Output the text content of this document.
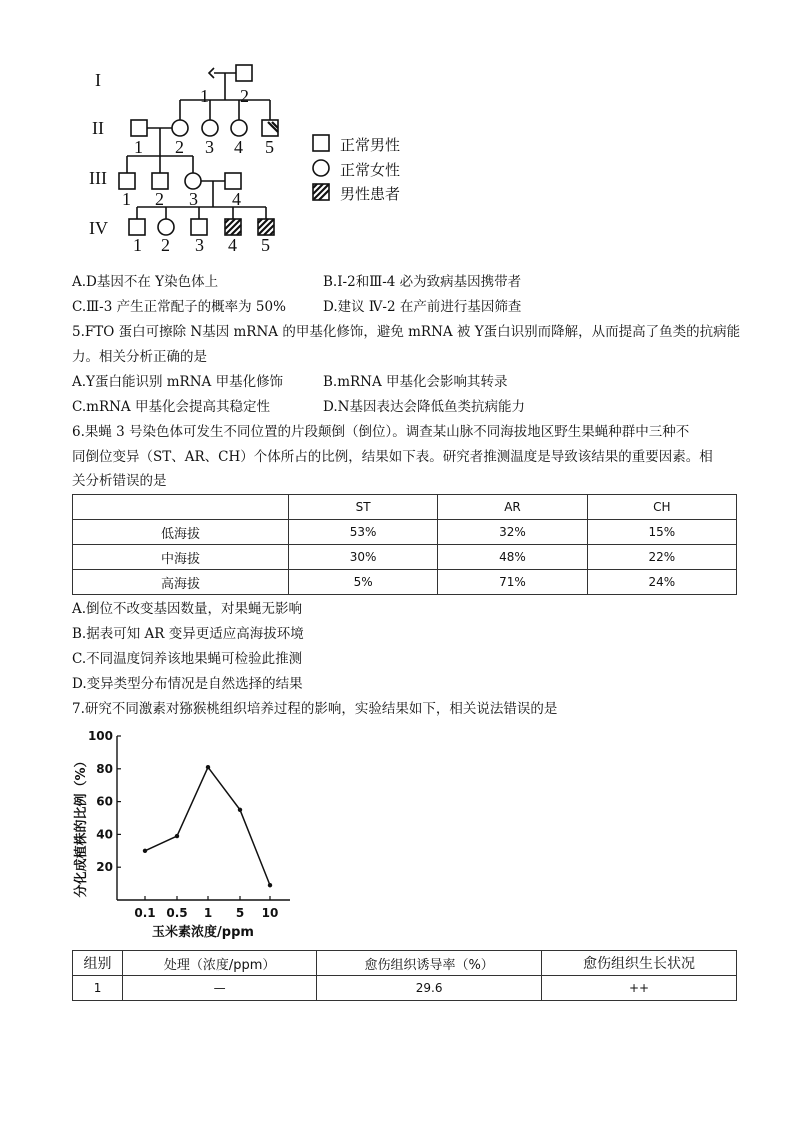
I
II
III
IV
1 2
1 2 3 4 5
1 2 3 4
1 2 3 4 5
正常男性
正常女性
男性患者
A.D基因不在 Y染色体上	B.Ⅰ-2和Ⅲ-4 必为致病基因携带者
C.Ⅲ-3 产生正常配子的概率为 50%	D.建议 Ⅳ-2 在产前进行基因筛查
5.FTO 蛋白可擦除 N基因 mRNA 的甲基化修饰，避免 mRNA 被 Y蛋白识别而降解，从而提高了鱼类的抗病能
力。相关分析正确的是
A.Y蛋白能识别 mRNA 甲基化修饰	B.mRNA 甲基化会影响其转录
C.mRNA 甲基化会提高其稳定性	D.N基因表达会降低鱼类抗病能力
6.果蝇 3 号染色体可发生不同位置的片段颠倒（倒位）。调查某山脉不同海拔地区野生果蝇种群中三种不
同倒位变异（ST、AR、CH）个体所占的比例，结果如下表。研究者推测温度是导致该结果的重要因素。相
关分析错误的是
	ST	AR	CH
低海拔	53%	32%	15%
中海拔	30%	48%	22%
高海拔	5%	71%	24%
A.倒位不改变基因数量，对果蝇无影响
B.据表可知 AR 变异更适应高海拔环境
C.不同温度饲养该地果蝇可检验此推测
D.变异类型分布情况是自然选择的结果
7.研究不同激素对猕猴桃组织培养过程的影响，实验结果如下，相关说法错误的是
20
40
60
80
100
0.1 0.5 1 5 10
分化成植株的比例（%）
玉米素浓度/ppm
组别	处理（浓度/ppm）	愈伤组织诱导率（%）	愈伤组织生长状况
1	—	29.6	++
